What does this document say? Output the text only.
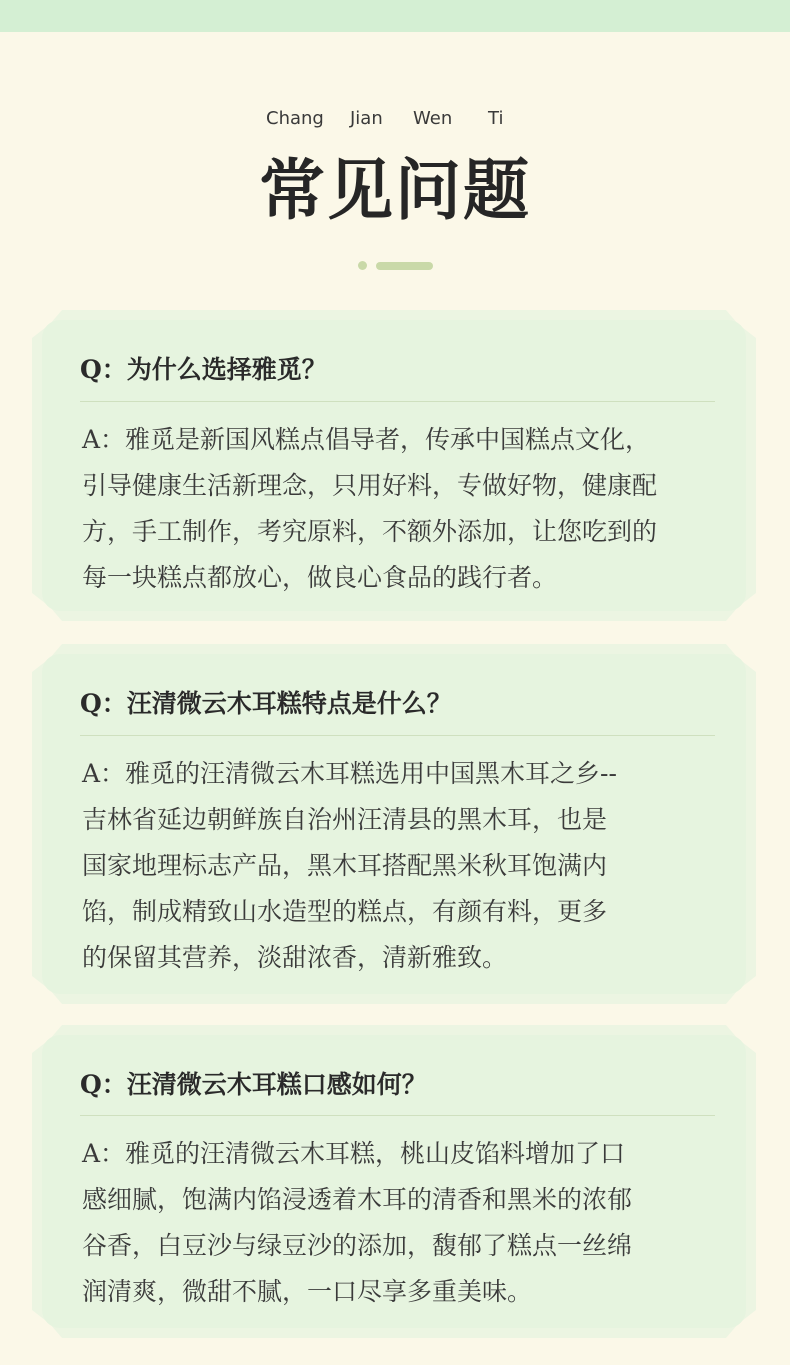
Chang Jian Wen Ti
常见问题
Q：为什么选择雅觅？
A：雅觅是新国风糕点倡导者，传承中国糕点文化，
引导健康生活新理念，只用好料，专做好物，健康配
方，手工制作，考究原料，不额外添加，让您吃到的
每一块糕点都放心，做良心食品的践行者。
Q：汪清微云木耳糕特点是什么？
A：雅觅的汪清微云木耳糕选用中国黑木耳之乡--
吉林省延边朝鲜族自治州汪清县的黑木耳，也是
国家地理标志产品，黑木耳搭配黑米秋耳饱满内
馅，制成精致山水造型的糕点，有颜有料，更多
的保留其营养，淡甜浓香，清新雅致。
Q：汪清微云木耳糕口感如何？
A：雅觅的汪清微云木耳糕，桃山皮馅料增加了口
感细腻，饱满内馅浸透着木耳的清香和黑米的浓郁
谷香，白豆沙与绿豆沙的添加，馥郁了糕点一丝绵
润清爽，微甜不腻，一口尽享多重美味。
